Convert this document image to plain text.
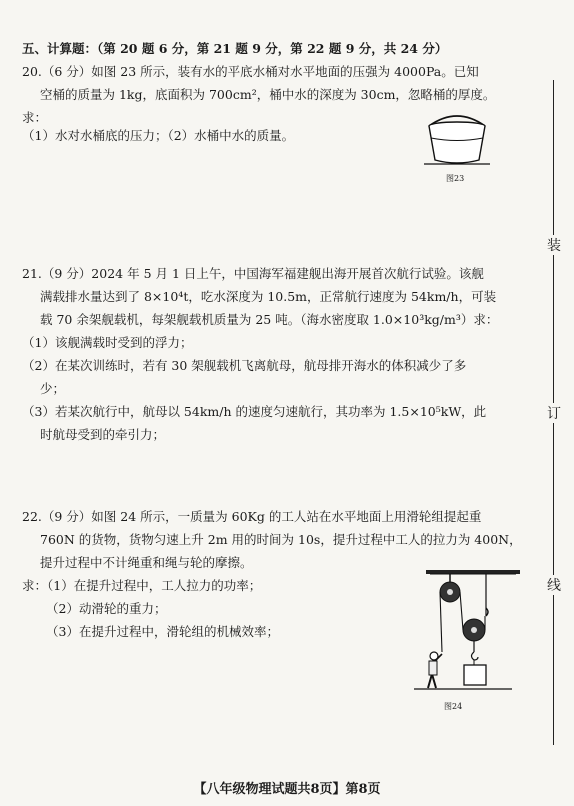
五、计算题：（第 20 题 6 分，第 21 题 9 分，第 22 题 9 分，共 24 分）
20.（6 分）如图 23 所示，装有水的平底水桶对水平地面的压强为 4000Pa。已知
空桶的质量为 1kg，底面积为 700cm²，桶中水的深度为 30cm，忽略桶的厚度。
求：
（1）水对水桶底的压力；（2）水桶中水的质量。
图23
21.（9 分）2024 年 5 月 1 日上午，中国海军福建舰出海开展首次航行试验。该舰
满载排水量达到了 8×10⁴t，吃水深度为 10.5m，正常航行速度为 54km/h，可装
载 70 余架舰载机，每架舰载机质量为 25 吨。（海水密度取 1.0×10³kg/m³）求：
（1）该舰满载时受到的浮力；
（2）在某次训练时，若有 30 架舰载机飞离航母，航母排开海水的体积减少了多
少；
（3）若某次航行中，航母以 54km/h 的速度匀速航行，其功率为 1.5×10⁵kW，此
时航母受到的牵引力；
22.（9 分）如图 24 所示，一质量为 60Kg 的工人站在水平地面上用滑轮组提起重
760N 的货物，货物匀速上升 2m 用的时间为 10s，提升过程中工人的拉力为 400N，
提升过程中不计绳重和绳与轮的摩擦。
求：（1）在提升过程中，工人拉力的功率；
（2）动滑轮的重力；
（3）在提升过程中，滑轮组的机械效率；
图24
装
订
线
【八年级物理试题共8页】第8页
